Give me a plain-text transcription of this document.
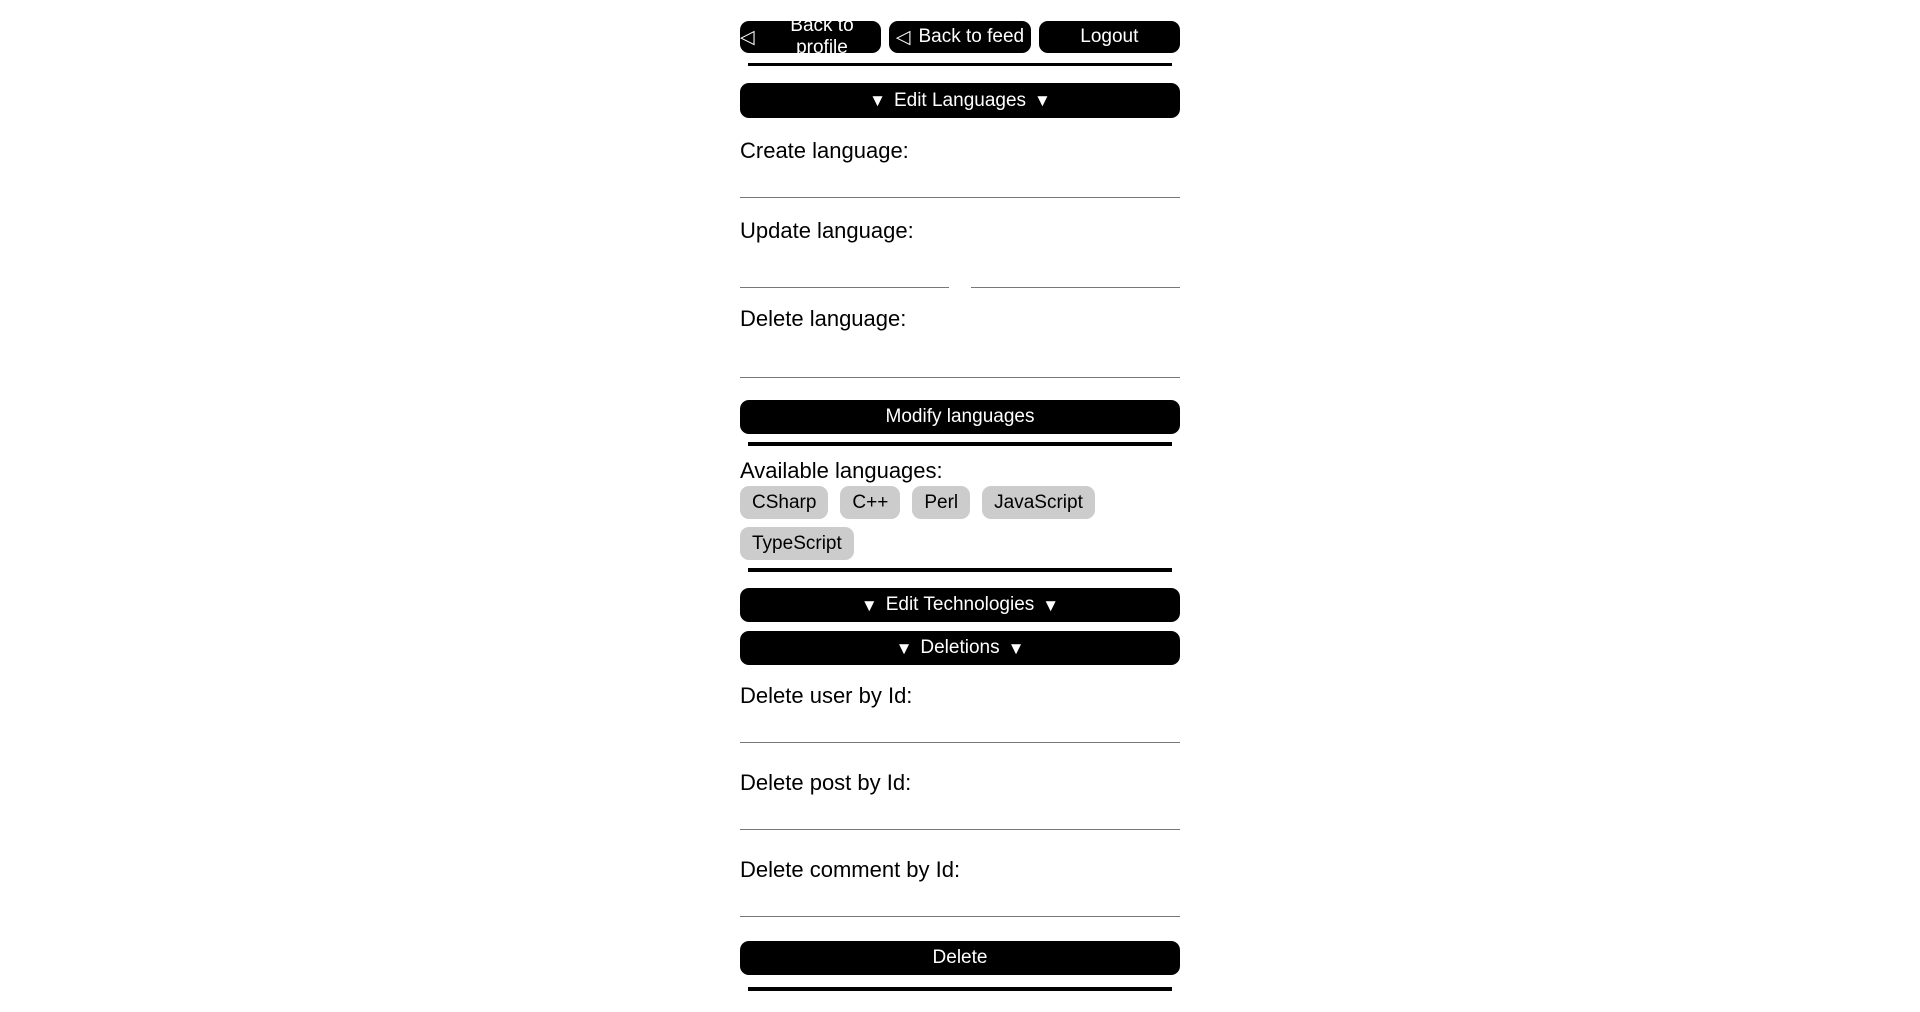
◁
Back to profile	◁ Back to feed	Logout
▼ Edit Languages ▼
Create language:
Update language:
Delete language:
Modify languages
Available languages:
CSharp	C++	Perl	JavaScript
TypeScript
▼ Edit Technologies ▼
▼ Deletions ▼
Delete user by Id:
Delete post by Id:
Delete comment by Id:
Delete
